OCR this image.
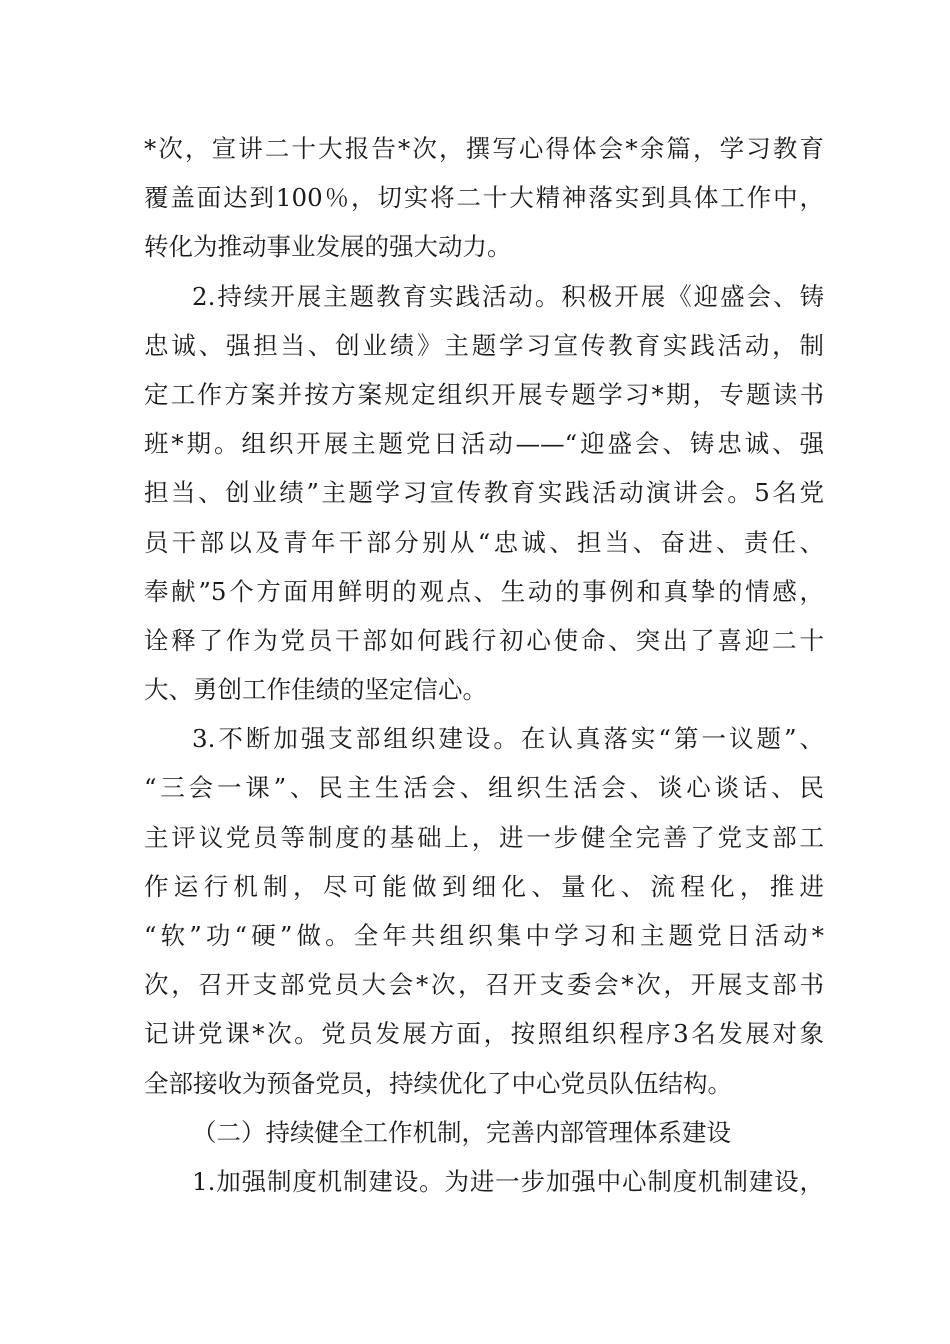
*次，宣讲二十大报告*次，撰写心得体会*余篇，学习教育
覆盖面达到100％，切实将二十大精神落实到具体工作中，
转化为推动事业发展的强大动力。
2.持续开展主题教育实践活动。积极开展《迎盛会、铸
忠诚、强担当、创业绩》主题学习宣传教育实践活动，制
定工作方案并按方案规定组织开展专题学习*期，专题读书
班*期。组织开展主题党日活动——“迎盛会、铸忠诚、强
担当、创业绩”主题学习宣传教育实践活动演讲会。5名党
员干部以及青年干部分别从“忠诚、担当、奋进、责任、
奉献”5个方面用鲜明的观点、生动的事例和真挚的情感，
诠释了作为党员干部如何践行初心使命、突出了喜迎二十
大、勇创工作佳绩的坚定信心。
3.不断加强支部组织建设。在认真落实“第一议题”、
“三会一课”、民主生活会、组织生活会、谈心谈话、民
主评议党员等制度的基础上，进一步健全完善了党支部工
作运行机制，尽可能做到细化、量化、流程化，推进
“软”功“硬”做。全年共组织集中学习和主题党日活动*
次，召开支部党员大会*次，召开支委会*次，开展支部书
记讲党课*次。党员发展方面，按照组织程序3名发展对象
全部接收为预备党员，持续优化了中心党员队伍结构。
（二）持续健全工作机制，完善内部管理体系建设
1.加强制度机制建设。为进一步加强中心制度机制建设，
